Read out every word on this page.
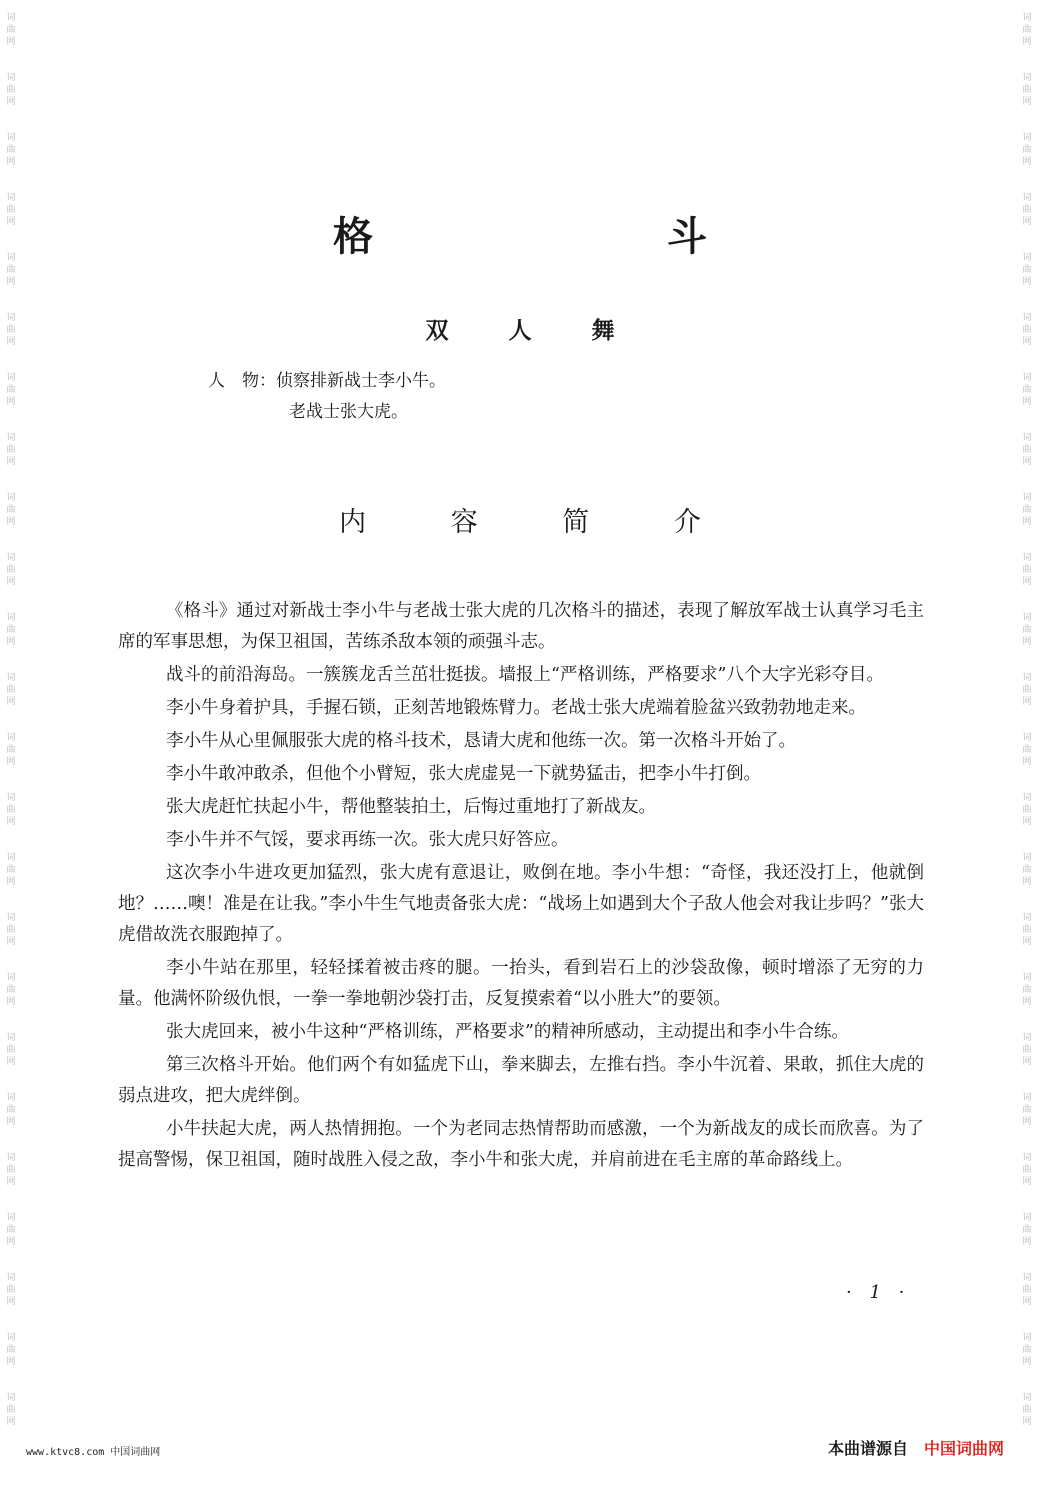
词
曲
网
词
曲
网
词
曲
网
词
曲
网
词
曲
网
词
曲
网
词
曲
网
词
曲
网
词
曲
网
词
曲
网
词
曲
网
词
曲
网
词
曲
网
词
曲
网
词
曲
网
词
曲
网
词
曲
网
词
曲
网
词
曲
网
词
曲
网
词
曲
网
词
曲
网
词
曲
网
词
曲
网
词
曲
网
词
曲
网
词
曲
网
词
曲
网
词
曲
网
词
曲
网
词
曲
网
词
曲
网
词
曲
网
词
曲
网
词
曲
网
词
曲
网
词
曲
网
词
曲
网
词
曲
网
词
曲
网
词
曲
网
词
曲
网
词
曲
网
词
曲
网
词
曲
网
词
曲
网
词
曲
网
词
曲
网
格 斗
双 人 舞
人　物：侦察排新战士李小牛。
老战士张大虎。
内 容 简 介

《格斗》通过对新战士李小牛与老战士张大虎的几次格斗的描述，表现了解放军战士认真学习毛主席的军事思想，为保卫祖国，苦练杀敌本领的顽强斗志。

战斗的前沿海岛。一簇簇龙舌兰茁壮挺拔。墙报上“严格训练，严格要求”八个大字光彩夺目。

李小牛身着护具，手握石锁，正刻苦地锻炼臂力。老战士张大虎端着脸盆兴致勃勃地走来。

李小牛从心里佩服张大虎的格斗技术，恳请大虎和他练一次。第一次格斗开始了。

李小牛敢冲敢杀，但他个小臂短，张大虎虚晃一下就势猛击，把李小牛打倒。

张大虎赶忙扶起小牛，帮他整装拍土，后悔过重地打了新战友。

李小牛并不气馁，要求再练一次。张大虎只好答应。

这次李小牛进攻更加猛烈，张大虎有意退让，败倒在地。李小牛想：“奇怪，我还没打上，他就倒地？……噢！准是在让我。”李小牛生气地责备张大虎：“战场上如遇到大个子敌人他会对我让步吗？”张大虎借故洗衣服跑掉了。

李小牛站在那里，轻轻揉着被击疼的腿。一抬头，看到岩石上的沙袋敌像，顿时增添了无穷的力量。他满怀阶级仇恨，一拳一拳地朝沙袋打击，反复摸索着“以小胜大”的要领。

张大虎回来，被小牛这种“严格训练，严格要求”的精神所感动，主动提出和李小牛合练。

第三次格斗开始。他们两个有如猛虎下山，拳来脚去，左推右挡。李小牛沉着、果敢，抓住大虎的弱点进攻，把大虎绊倒。

小牛扶起大虎，两人热情拥抱。一个为老同志热情帮助而感激，一个为新战友的成长而欣喜。为了提高警惕，保卫祖国，随时战胜入侵之敌，李小牛和张大虎，并肩前进在毛主席的革命路线上。

· 1 ·
www.ktvc8.com 中国词曲网	本曲谱源自 中国词曲网
